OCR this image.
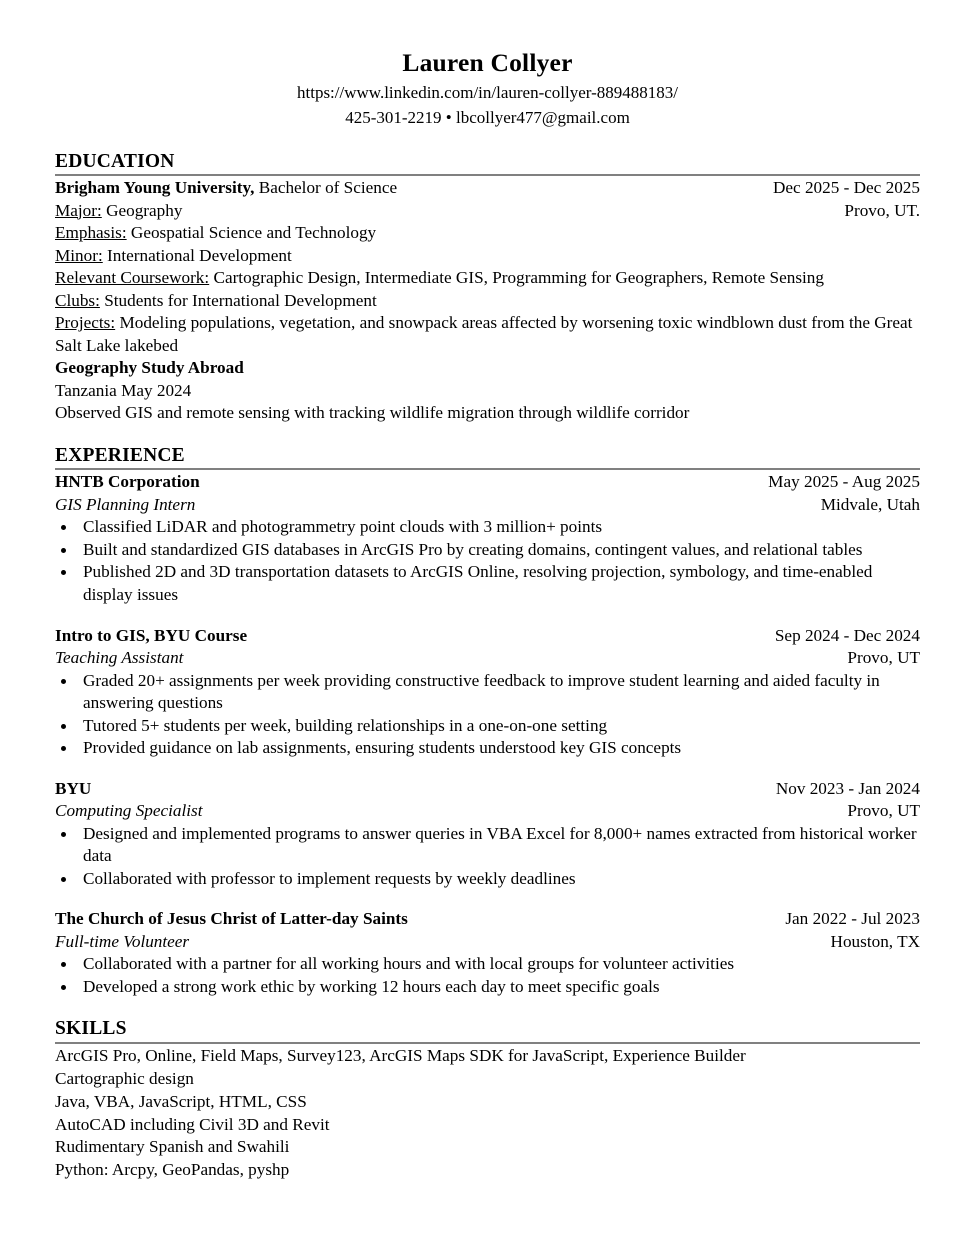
Lauren Collyer
https://www.linkedin.com/in/lauren-collyer-889488183/
425-301-2219 • lbcollyer477@gmail.com
EDUCATION
Brigham Young University, Bachelor of Science	Dec 2025 - Dec 2025
Major: Geography	Provo, UT.
Emphasis: Geospatial Science and Technology
Minor: International Development
Relevant Coursework: Cartographic Design, Intermediate GIS, Programming for Geographers, Remote Sensing
Clubs: Students for International Development
Projects: Modeling populations, vegetation, and snowpack areas affected by worsening toxic windblown dust from the Great Salt Lake lakebed
Geography Study Abroad
Tanzania May 2024
Observed GIS and remote sensing with tracking wildlife migration through wildlife corridor
EXPERIENCE
HNTB Corporation	May 2025 - Aug 2025
GIS Planning Intern	Midvale, Utah
Classified LiDAR and photogrammetry point clouds with 3 million+ points
Built and standardized GIS databases in ArcGIS Pro by creating domains, contingent values, and relational tables
Published 2D and 3D transportation datasets to ArcGIS Online, resolving projection, symbology, and time-enabled display issues
Intro to GIS, BYU Course	Sep 2024 - Dec 2024
Teaching Assistant	Provo, UT
Graded 20+ assignments per week providing constructive feedback to improve student learning and aided faculty in answering questions
Tutored 5+ students per week, building relationships in a one-on-one setting
Provided guidance on lab assignments, ensuring students understood key GIS concepts
BYU	Nov 2023 - Jan 2024
Computing Specialist	Provo, UT
Designed and implemented programs to answer queries in VBA Excel for 8,000+ names extracted from historical worker data
Collaborated with professor to implement requests by weekly deadlines
The Church of Jesus Christ of Latter-day Saints	Jan 2022 - Jul 2023
Full-time Volunteer	Houston, TX
Collaborated with a partner for all working hours and with local groups for volunteer activities
Developed a strong work ethic by working 12 hours each day to meet specific goals
SKILLS
ArcGIS Pro, Online, Field Maps, Survey123, ArcGIS Maps SDK for JavaScript, Experience Builder
Cartographic design
Java, VBA, JavaScript, HTML, CSS
AutoCAD including Civil 3D and Revit
Rudimentary Spanish and Swahili
Python: Arcpy, GeoPandas, pyshp
